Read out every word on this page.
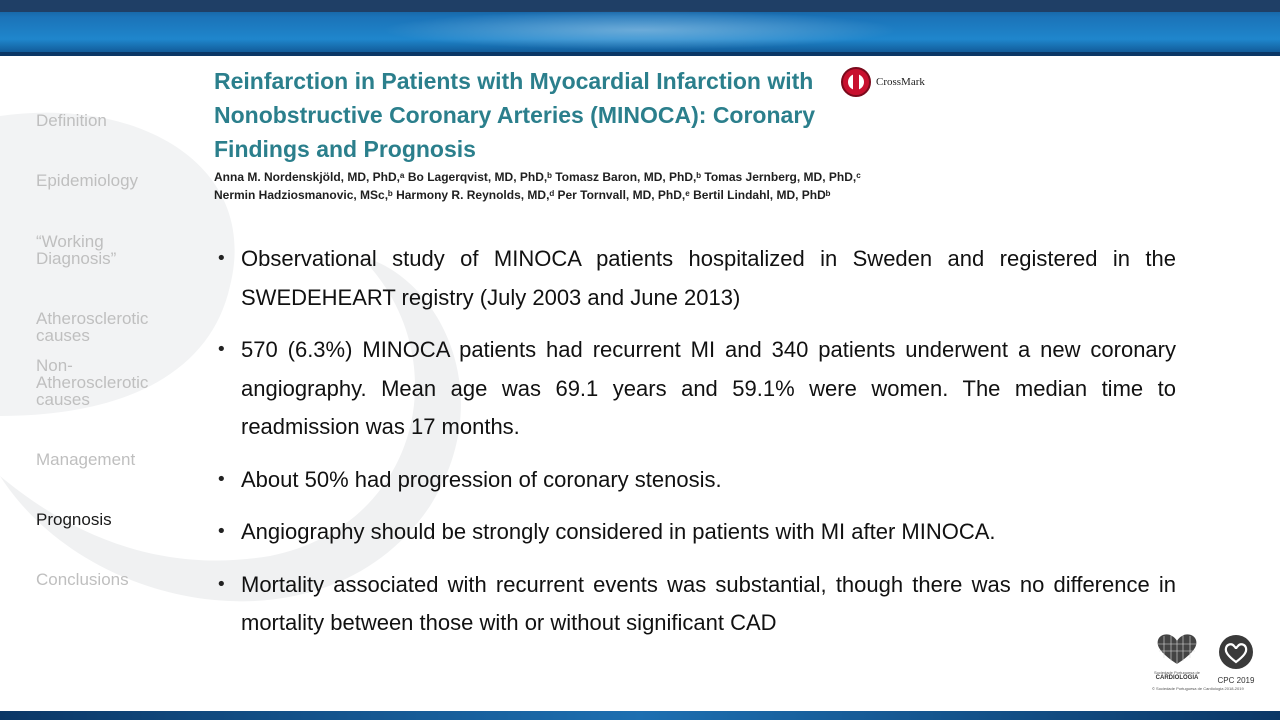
Definition
Epidemiology
“Working Diagnosis”
Atherosclerotic causes
Non-Atherosclerotic causes
Management
Prognosis
Conclusions
Reinfarction in Patients with Myocardial Infarction with Nonobstructive Coronary Arteries (MINOCA): Coronary Findings and Prognosis
Anna M. Nordenskjöld, MD, PhD,ᵃ Bo Lagerqvist, MD, PhD,ᵇ Tomasz Baron, MD, PhD,ᵇ Tomas Jernberg, MD, PhD,ᶜ Nermin Hadziosmanovic, MSc,ᵇ Harmony R. Reynolds, MD,ᵈ Per Tornvall, MD, PhD,ᵉ Bertil Lindahl, MD, PhDᵇ
CrossMark
• Observational study of MINOCA patients hospitalized in Sweden and registered in the SWEDEHEART registry (July 2003 and June 2013)
• 570 (6.3%) MINOCA patients had recurrent MI and 340 patients underwent a new coronary angiography. Mean age was 69.1 years and 59.1% were women. The median time to readmission was 17 months.
• About 50% had progression of coronary stenosis.
• Angiography should be strongly considered in patients with MI after MINOCA.
• Mortality associated with recurrent events was substantial, though there was no difference in mortality between those with or without significant CAD
Sociedade Portuguesa de
CARDIOLOGIA	CPC 2019
© Sociedade Portuguesa de Cardiologia 2018-2019
